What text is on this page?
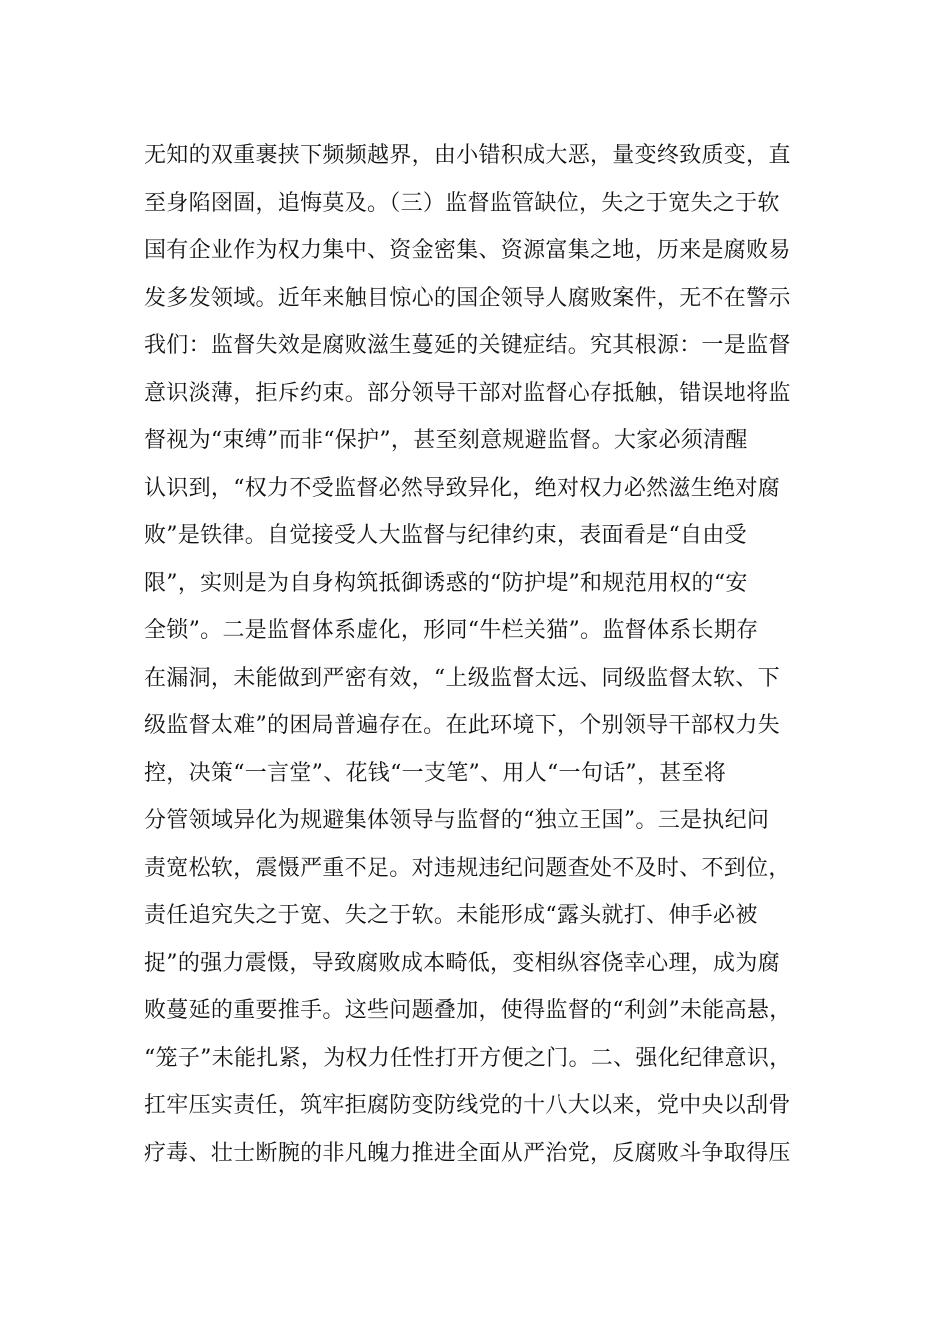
无知的双重裹挟下频频越界，由小错积成大恶，量变终致质变，直
至身陷囹圄，追悔莫及。（三）监督监管缺位，失之于宽失之于软
国有企业作为权力集中、资金密集、资源富集之地，历来是腐败易
发多发领域。近年来触目惊心的国企领导人腐败案件，无不在警示
我们：监督失效是腐败滋生蔓延的关键症结。究其根源：一是监督
意识淡薄，拒斥约束。部分领导干部对监督心存抵触，错误地将监
督视为“束缚”而非“保护”，甚至刻意规避监督。大家必须清醒
认识到，“权力不受监督必然导致异化，绝对权力必然滋生绝对腐
败”是铁律。自觉接受人大监督与纪律约束，表面看是“自由受
限”，实则是为自身构筑抵御诱惑的“防护堤”和规范用权的“安
全锁”。二是监督体系虚化，形同“牛栏关猫”。监督体系长期存
在漏洞，未能做到严密有效，“上级监督太远、同级监督太软、下
级监督太难”的困局普遍存在。在此环境下，个别领导干部权力失
控，决策“一言堂”、花钱“一支笔”、用人“一句话”，甚至将
分管领域异化为规避集体领导与监督的“独立王国”。三是执纪问
责宽松软，震慑严重不足。对违规违纪问题查处不及时、不到位，
责任追究失之于宽、失之于软。未能形成“露头就打、伸手必被
捉”的强力震慑，导致腐败成本畸低，变相纵容侥幸心理，成为腐
败蔓延的重要推手。这些问题叠加，使得监督的“利剑”未能高悬，
“笼子”未能扎紧，为权力任性打开方便之门。二、强化纪律意识，
扛牢压实责任，筑牢拒腐防变防线党的十八大以来，党中央以刮骨
疗毒、壮士断腕的非凡魄力推进全面从严治党，反腐败斗争取得压
